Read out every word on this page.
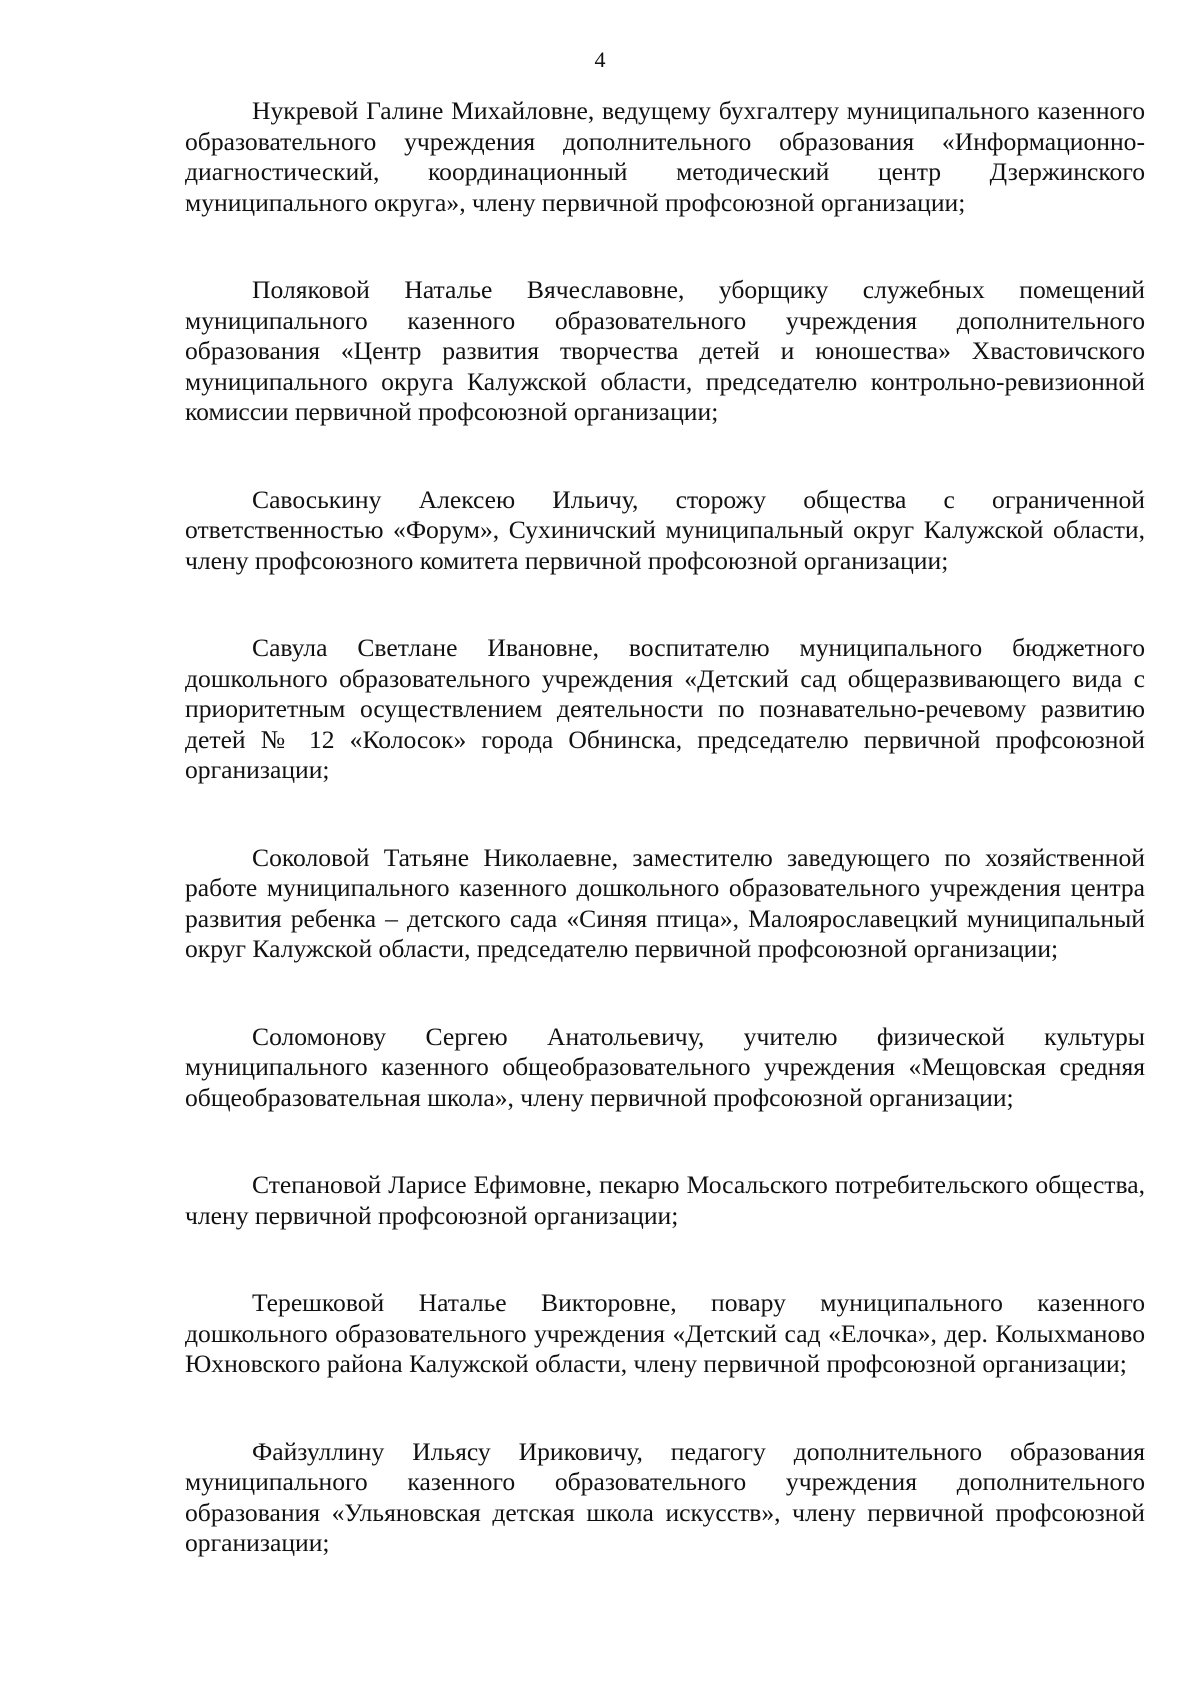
4

Нукревой Галине Михайловне, ведущему бухгалтеру муниципального казенного образовательного учреждения дополнительного образования «Информационно-диагностический, координационный методический центр Дзержинского муниципального округа», члену первичной профсоюзной организации;

Поляковой Наталье Вячеславовне, уборщику служебных помещений муниципального казенного образовательного учреждения дополнительного образования «Центр развития творчества детей и юношества» Хвастовичского муниципального округа Калужской области, председателю контрольно-ревизионной комиссии первичной профсоюзной организации;

Савоськину Алексею Ильичу, сторожу общества с ограниченной ответственностью «Форум», Сухиничский муниципальный округ Калужской области, члену профсоюзного комитета первичной профсоюзной организации;

Савула Светлане Ивановне, воспитателю муниципального бюджетного дошкольного образовательного учреждения «Детский сад общеразвивающего вида с приоритетным осуществлением деятельности по познавательно-речевому развитию детей № 12 «Колосок» города Обнинска, председателю первичной профсоюзной организации;

Соколовой Татьяне Николаевне, заместителю заведующего по хозяйственной работе муниципального казенного дошкольного образовательного учреждения центра развития ребенка – детского сада «Синяя птица», Малоярославецкий муниципальный округ Калужской области, председателю первичной профсоюзной организации;

Соломонову Сергею Анатольевичу, учителю физической культуры муниципального казенного общеобразовательного учреждения «Мещовская средняя общеобразовательная школа», члену первичной профсоюзной организации;

Степановой Ларисе Ефимовне, пекарю Мосальского потребительского общества, члену первичной профсоюзной организации;

Терешковой Наталье Викторовне, повару муниципального казенного дошкольного образовательного учреждения «Детский сад «Елочка», дер. Колыхманово Юхновского района Калужской области, члену первичной профсоюзной организации;

Файзуллину Ильясу Ириковичу, педагогу дополнительного образования муниципального казенного образовательного учреждения дополнительного образования «Ульяновская детская школа искусств», члену первичной профсоюзной организации;
